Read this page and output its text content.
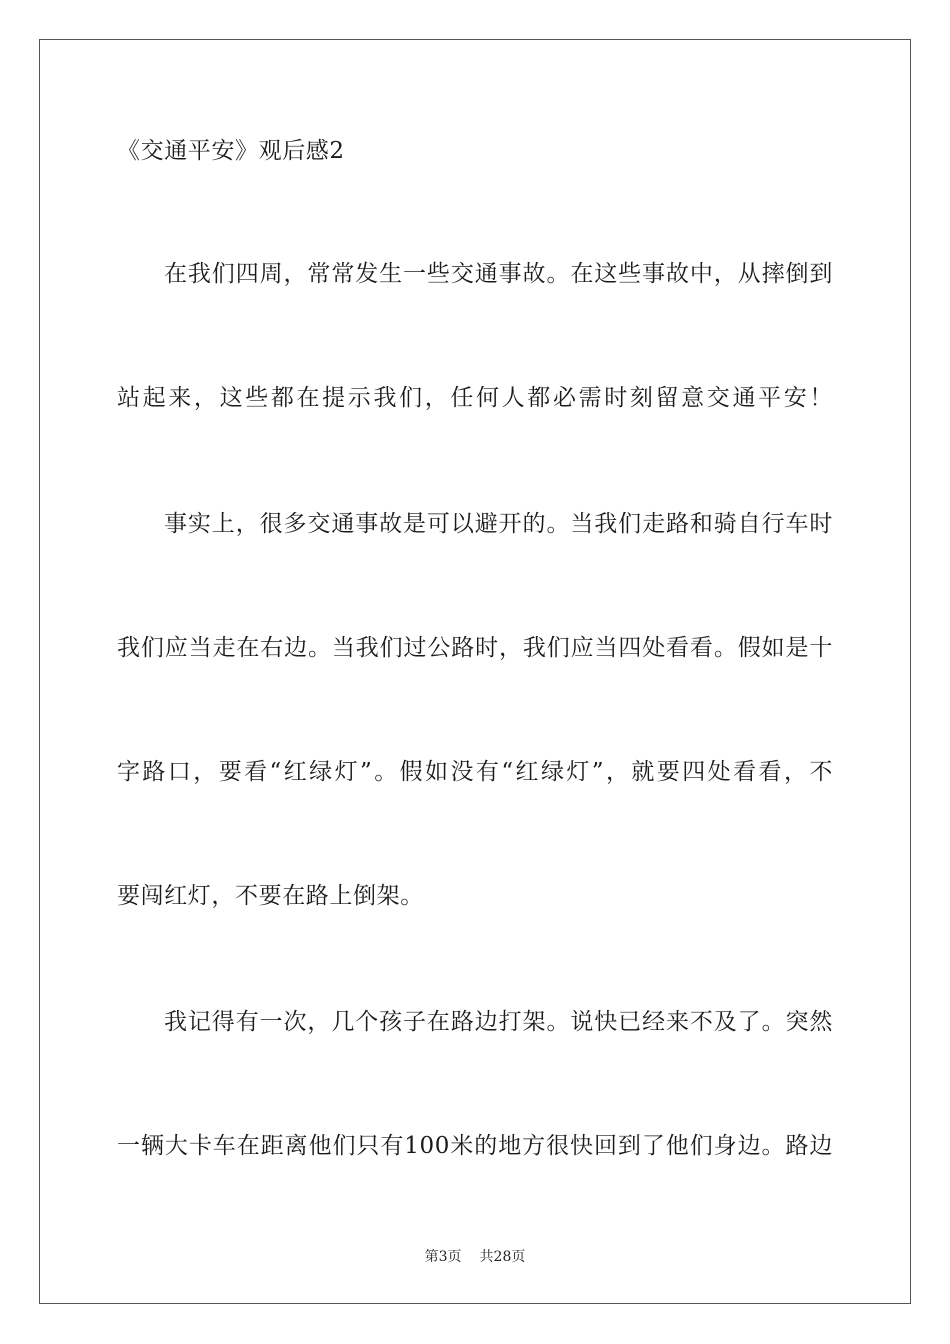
《交通平安》观后感2
在我们四周，常常发生一些交通事故。在这些事故中，从摔倒到
站起来，这些都在提示我们，任何人都必需时刻留意交通平安！
事实上，很多交通事故是可以避开的。当我们走路和骑自行车时
我们应当走在右边。当我们过公路时，我们应当四处看看。假如是十
字路口，要看“红绿灯”。假如没有“红绿灯”，就要四处看看，不
要闯红灯，不要在路上倒架。
我记得有一次，几个孩子在路边打架。说快已经来不及了。突然
一辆大卡车在距离他们只有100米的地方很快回到了他们身边。路边
第3页 共28页
